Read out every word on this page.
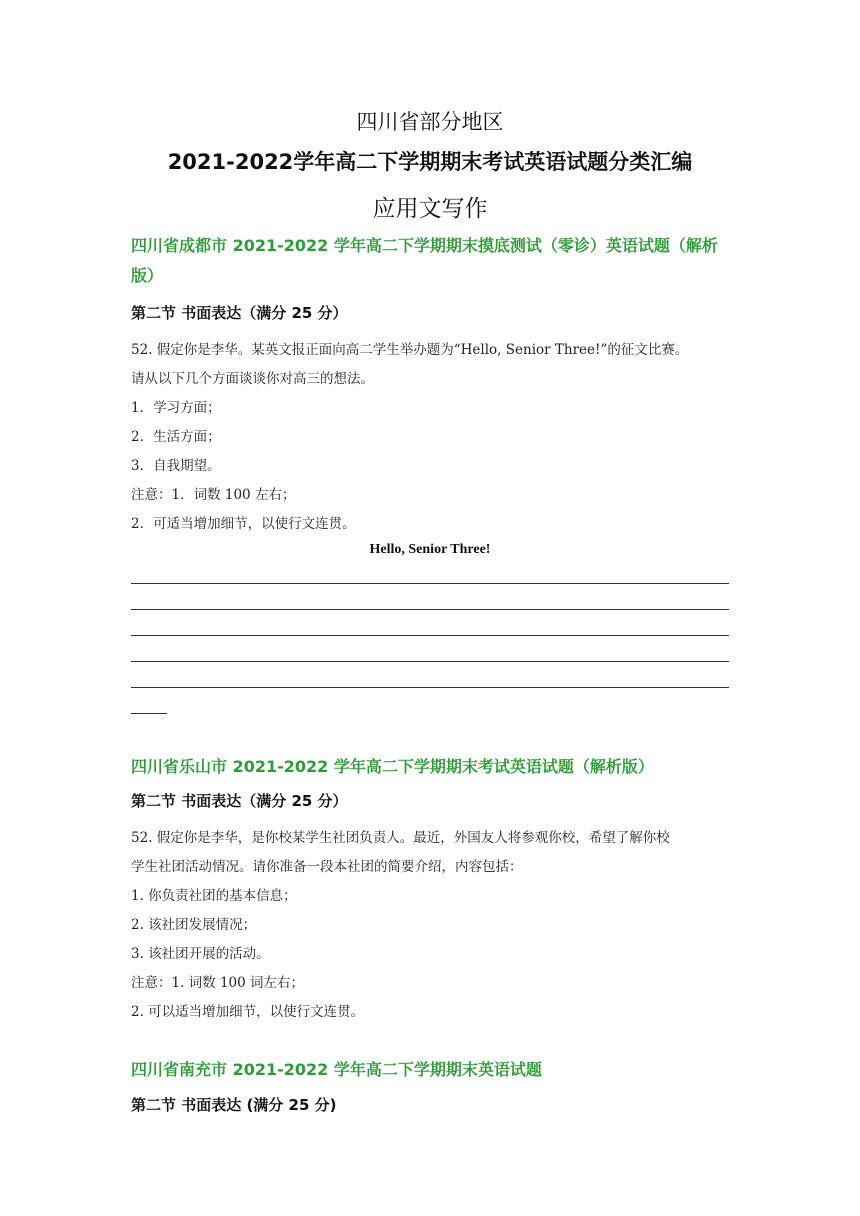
四川省部分地区
2021-2022学年高二下学期期末考试英语试题分类汇编
应用文写作
四川省成都市 2021-2022 学年高二下学期期末摸底测试（零诊）英语试题（解析版）
第二节 书面表达（满分 25 分）
52. 假定你是李华。某英文报正面向高二学生举办题为“Hello, Senior Three!”的征文比赛。
请从以下几个方面谈谈你对高三的想法。
1．学习方面；
2．生活方面；
3．自我期望。
注意：1．词数 100 左右；
2．可适当增加细节，以使行文连贯。
Hello, Senior Three!
四川省乐山市 2021-2022 学年高二下学期期末考试英语试题（解析版）
第二节 书面表达（满分 25 分）
52. 假定你是李华，是你校某学生社团负责人。最近，外国友人将参观你校，希望了解你校
学生社团活动情况。请你准备一段本社团的简要介绍，内容包括：
1. 你负责社团的基本信息；
2. 该社团发展情况；
3. 该社团开展的活动。
注意：1. 词数 100 词左右；
2. 可以适当增加细节，以使行文连贯。
四川省南充市 2021-2022 学年高二下学期期末英语试题
第二节 书面表达 (满分 25 分)
